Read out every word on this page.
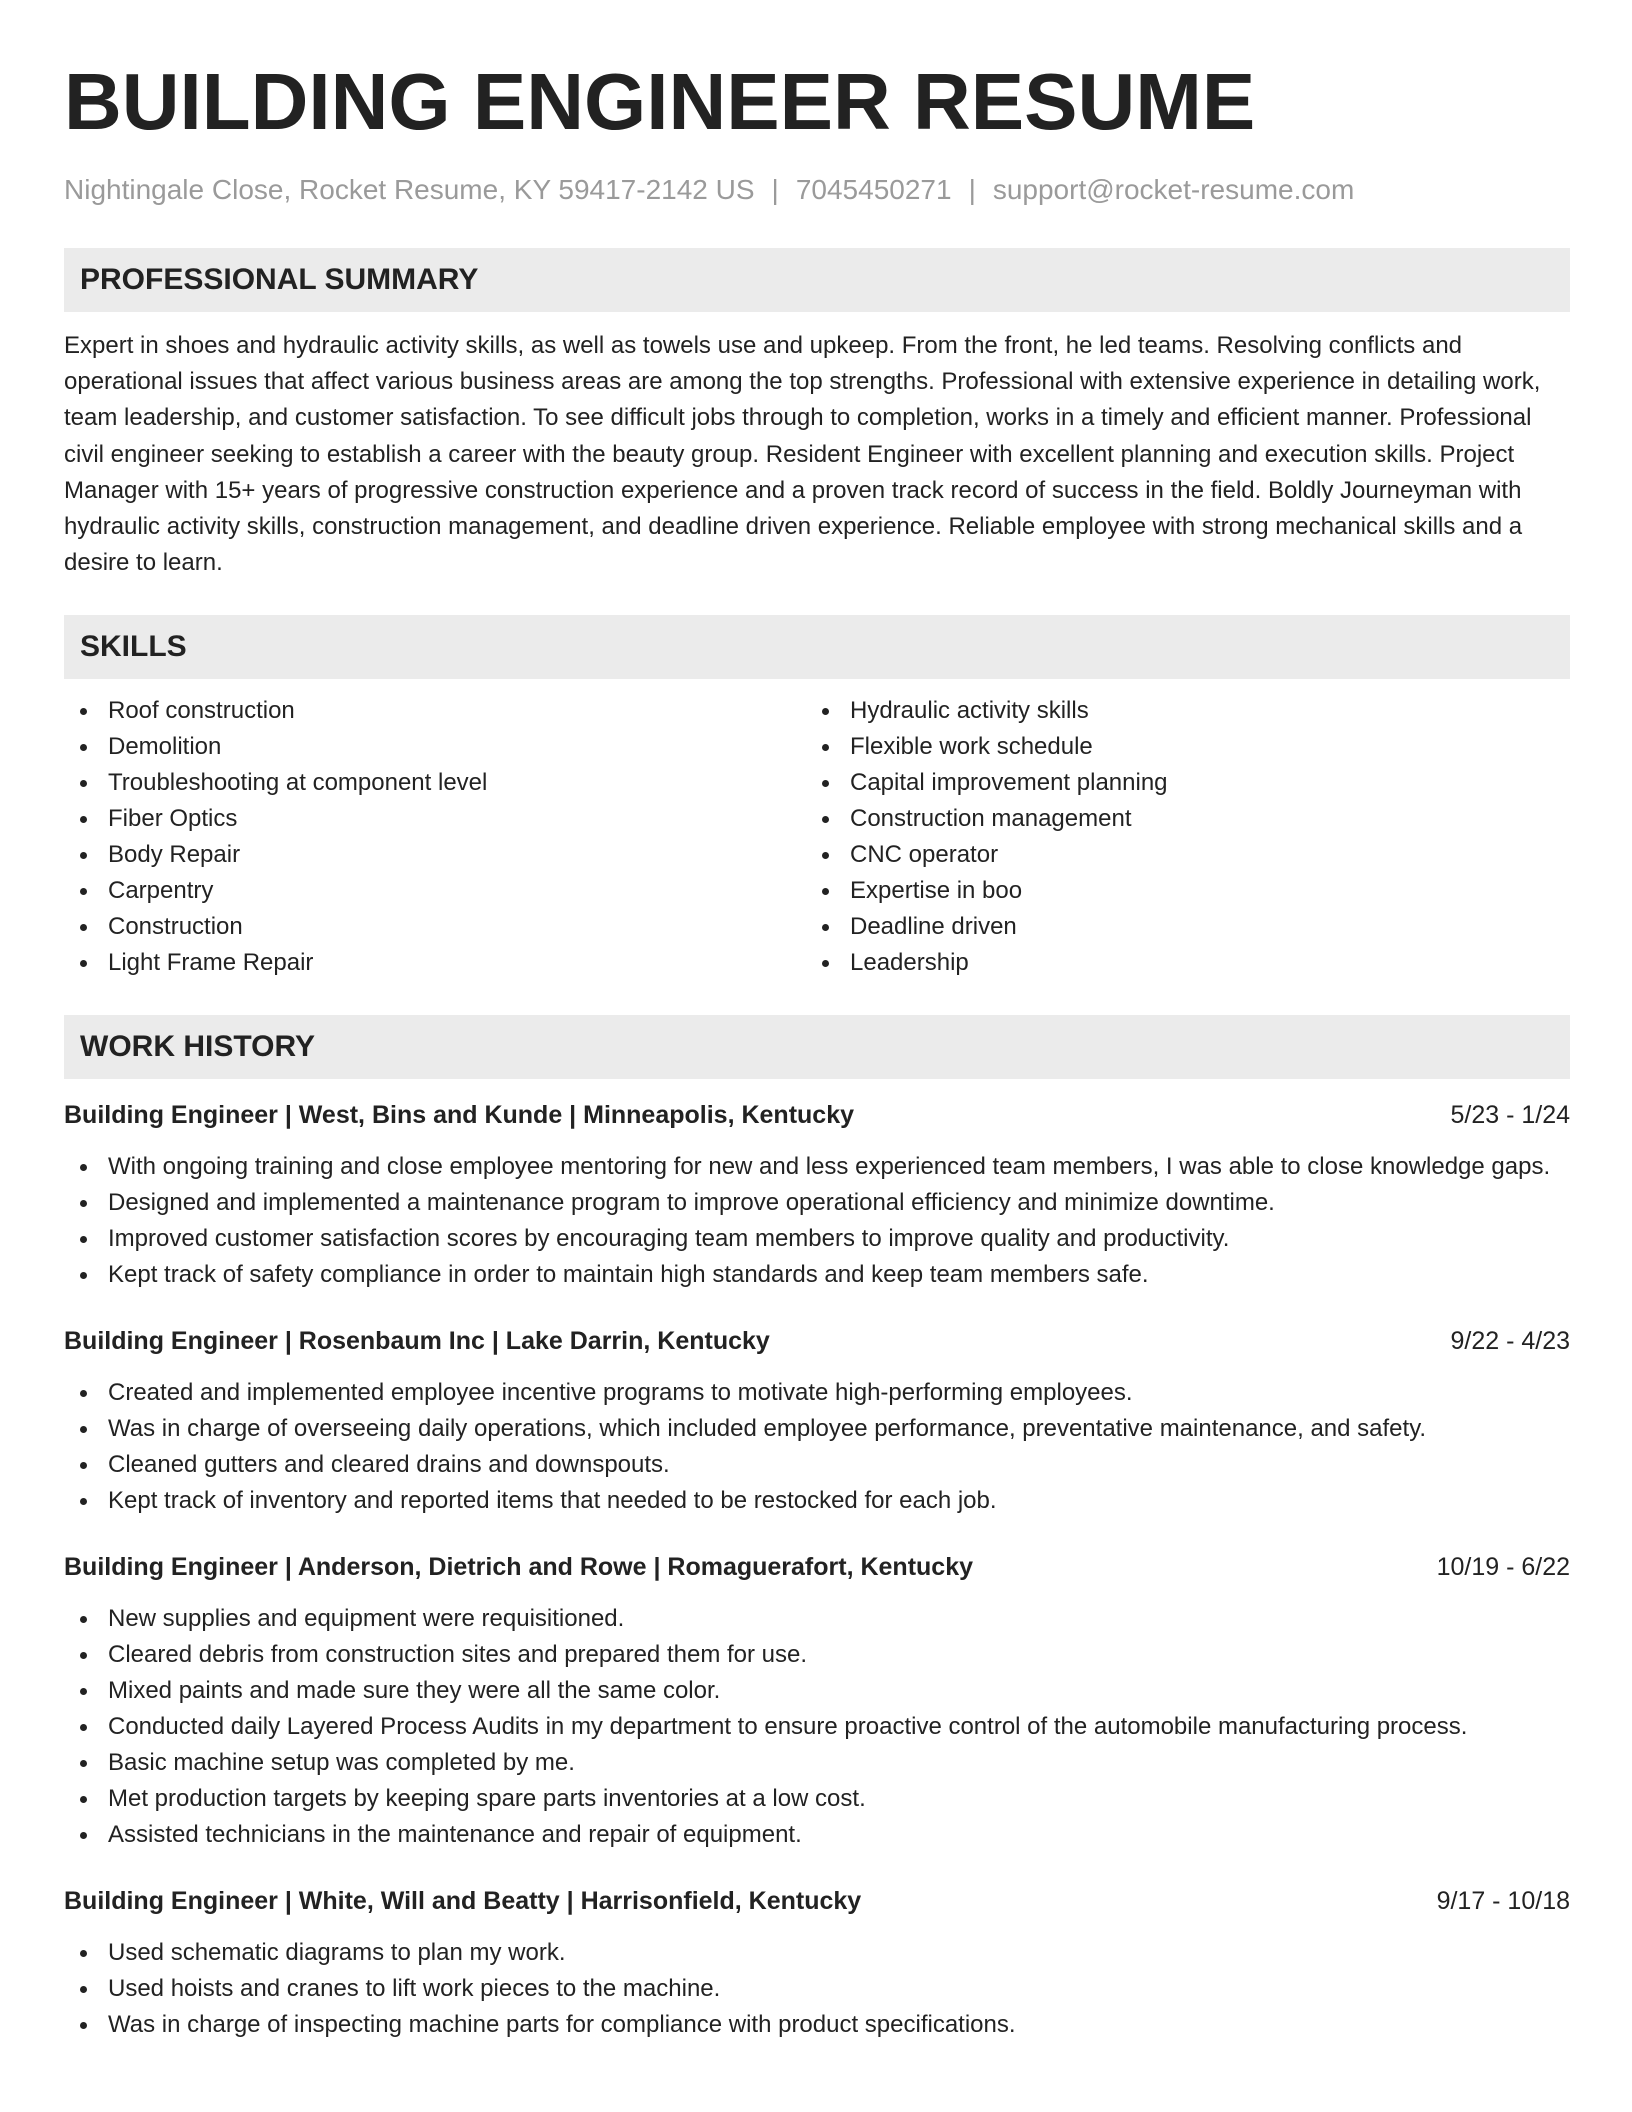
BUILDING ENGINEER RESUME
Nightingale Close, Rocket Resume, KY 59417-2142 US | 7045450271 | support@rocket-resume.com
PROFESSIONAL SUMMARY

Expert in shoes and hydraulic activity skills, as well as towels use and upkeep. From the front, he led teams. Resolving conflicts and operational issues that affect various business areas are among the top strengths. Professional with extensive experience in detailing work, team leadership, and customer satisfaction. To see difficult jobs through to completion, works in a timely and efficient manner. Professional civil engineer seeking to establish a career with the beauty group. Resident Engineer with excellent planning and execution skills. Project Manager with 15+ years of progressive construction experience and a proven track record of success in the field. Boldly Journeyman with hydraulic activity skills, construction management, and deadline driven experience. Reliable employee with strong mechanical skills and a desire to learn.

SKILLS
Roof construction
Demolition
Troubleshooting at component level
Fiber Optics
Body Repair
Carpentry
Construction
Light Frame Repair
Hydraulic activity skills
Flexible work schedule
Capital improvement planning
Construction management
CNC operator
Expertise in boo
Deadline driven
Leadership
WORK HISTORY
Building Engineer | West, Bins and Kunde | Minneapolis, Kentucky	5/23 - 1/24
With ongoing training and close employee mentoring for new and less experienced team members, I was able to close knowledge gaps.
Designed and implemented a maintenance program to improve operational efficiency and minimize downtime.
Improved customer satisfaction scores by encouraging team members to improve quality and productivity.
Kept track of safety compliance in order to maintain high standards and keep team members safe.
Building Engineer | Rosenbaum Inc | Lake Darrin, Kentucky	9/22 - 4/23
Created and implemented employee incentive programs to motivate high-performing employees.
Was in charge of overseeing daily operations, which included employee performance, preventative maintenance, and safety.
Cleaned gutters and cleared drains and downspouts.
Kept track of inventory and reported items that needed to be restocked for each job.
Building Engineer | Anderson, Dietrich and Rowe | Romaguerafort, Kentucky	10/19 - 6/22
New supplies and equipment were requisitioned.
Cleared debris from construction sites and prepared them for use.
Mixed paints and made sure they were all the same color.
Conducted daily Layered Process Audits in my department to ensure proactive control of the automobile manufacturing process.
Basic machine setup was completed by me.
Met production targets by keeping spare parts inventories at a low cost.
Assisted technicians in the maintenance and repair of equipment.
Building Engineer | White, Will and Beatty | Harrisonfield, Kentucky	9/17 - 10/18
Used schematic diagrams to plan my work.
Used hoists and cranes to lift work pieces to the machine.
Was in charge of inspecting machine parts for compliance with product specifications.
